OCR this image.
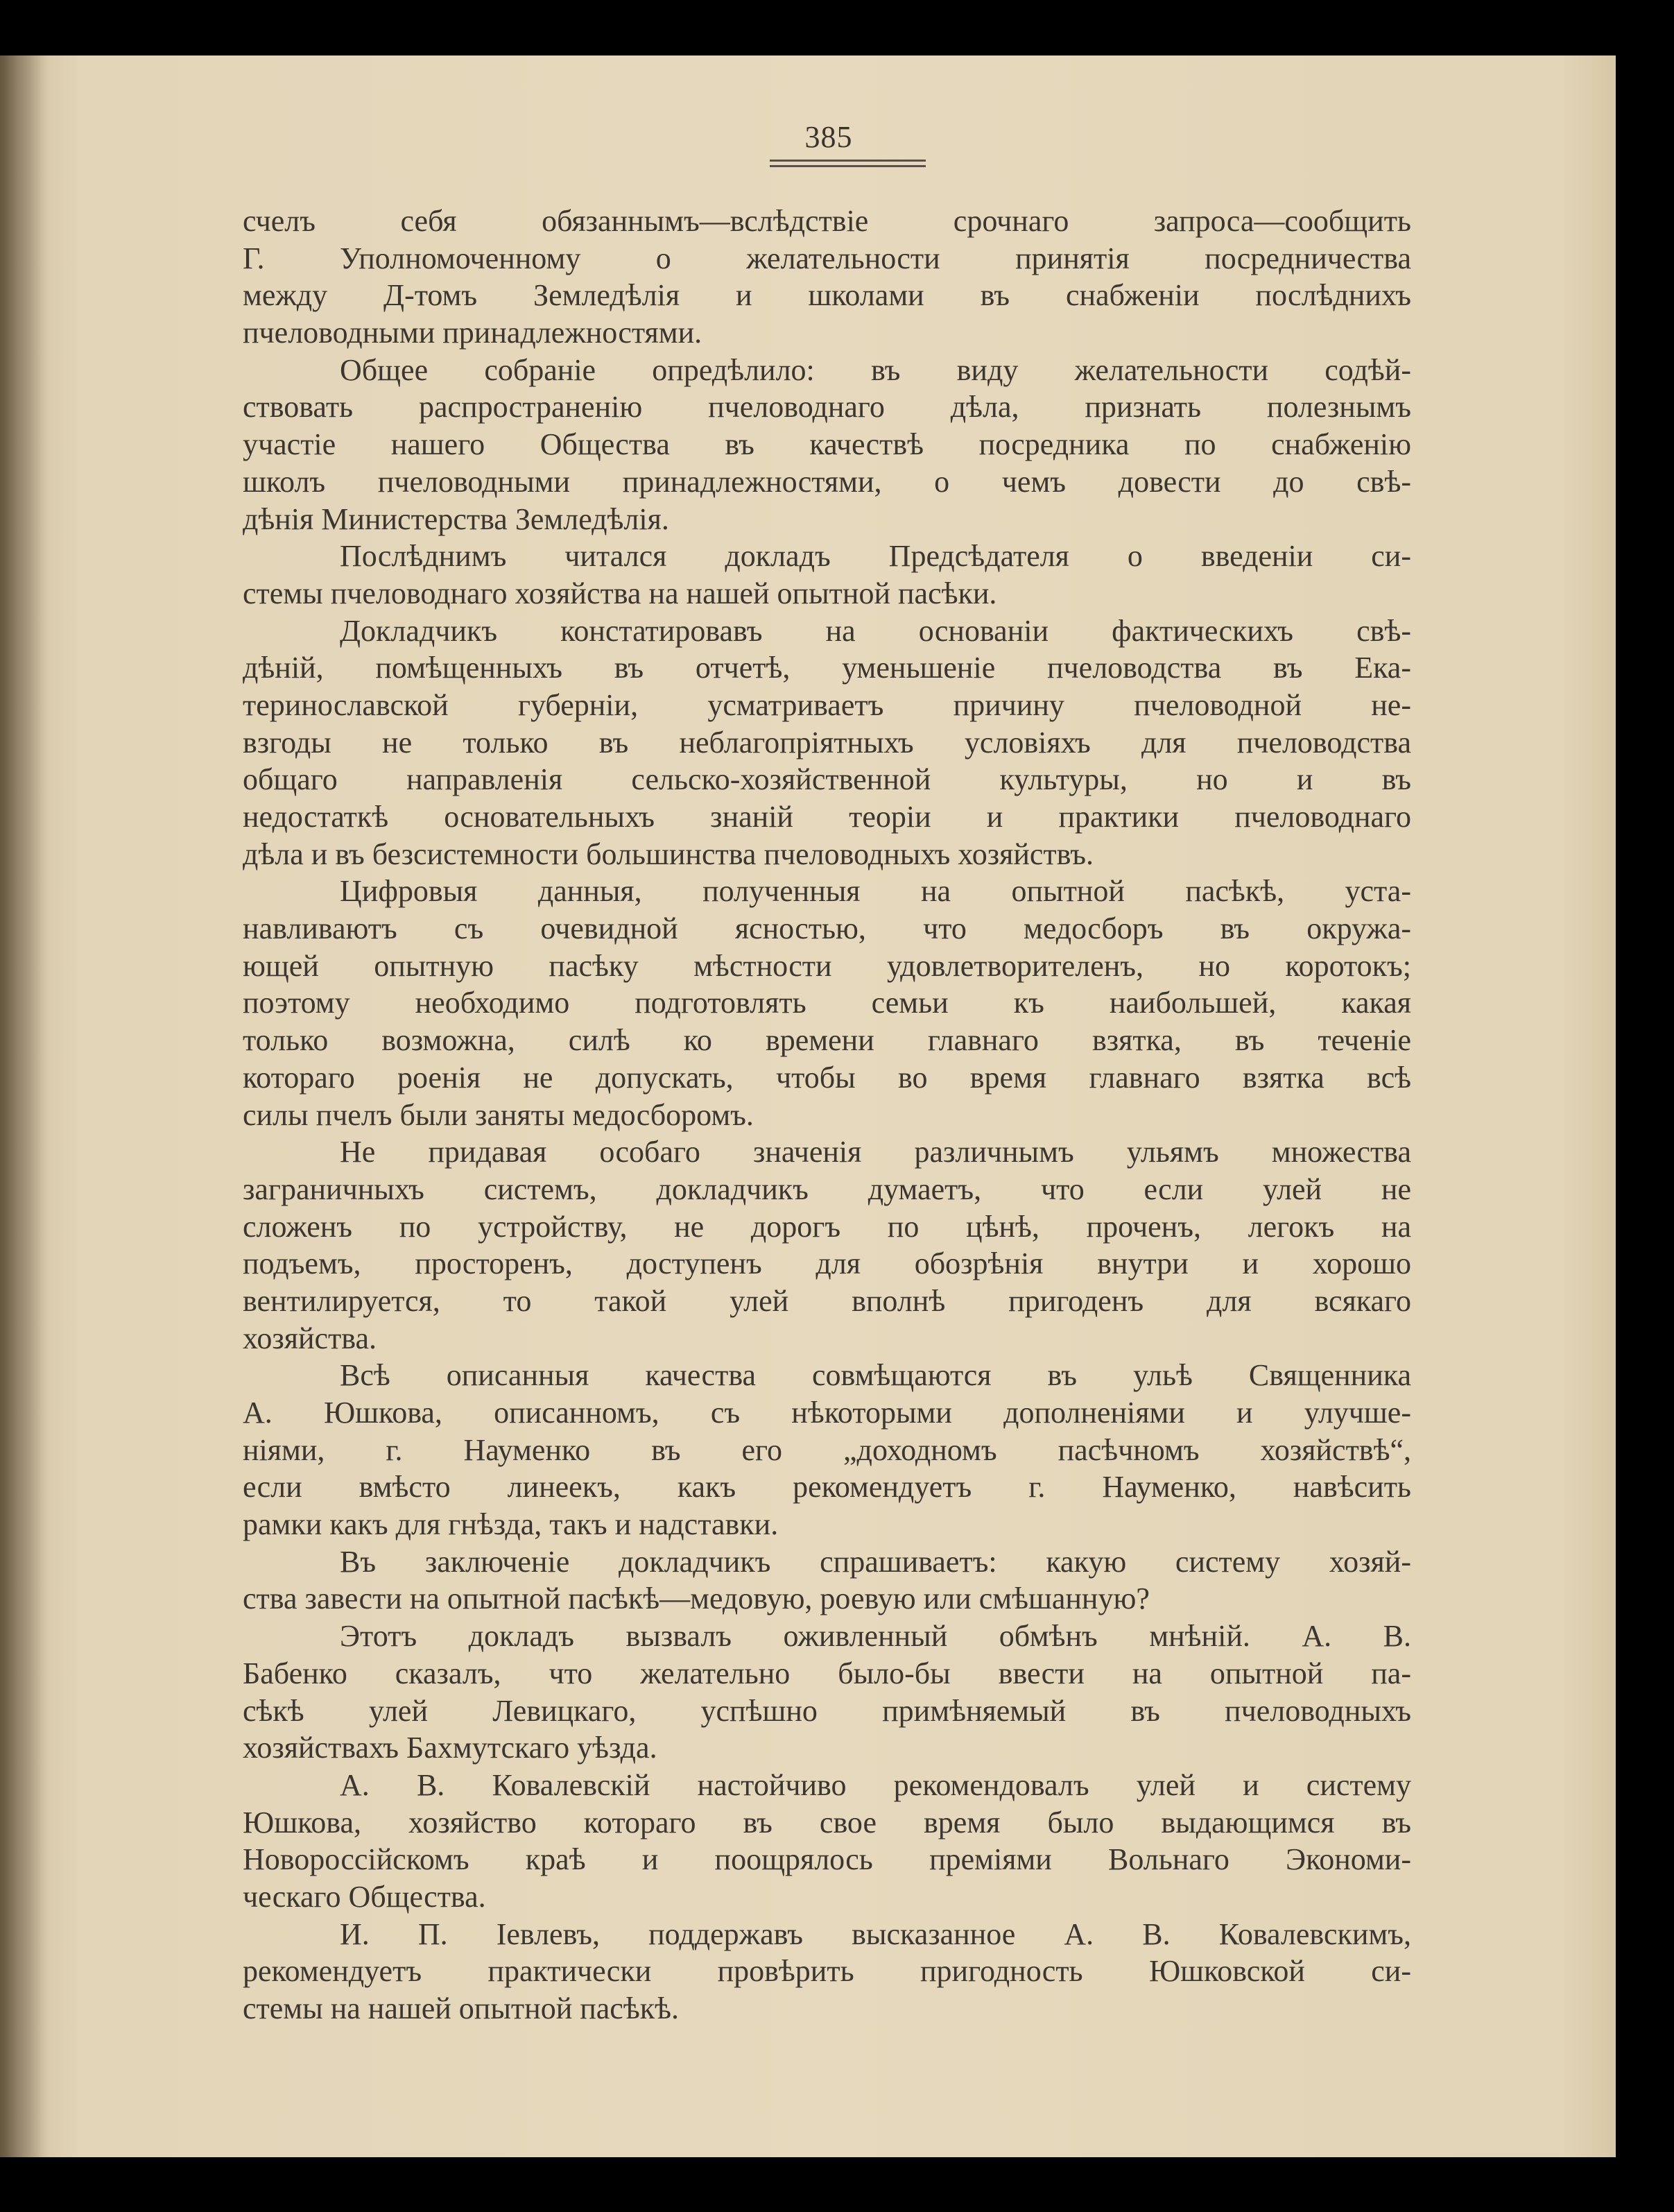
385
счелъ себя обязаннымъ—вслѣдствіе срочнаго запроса—сообщить
Г. Уполномоченному о желательности принятія посредничества
между Д-томъ Земледѣлія и школами въ снабженіи послѣднихъ
пчеловодными принадлежностями.
Общее собраніе опредѣлило: въ виду желательности содѣй-
ствовать распространенію пчеловоднаго дѣла, признать полезнымъ
участіе нашего Общества въ качествѣ посредника по снабженію
школъ пчеловодными принадлежностями, о чемъ довести до свѣ-
дѣнія Министерства Земледѣлія.
Послѣднимъ читался докладъ Предсѣдателя о введеніи си-
стемы пчеловоднаго хозяйства на нашей опытной пасѣки.
Докладчикъ констатировавъ на основаніи фактическихъ свѣ-
дѣній, помѣщенныхъ въ отчетѣ, уменьшеніе пчеловодства въ Ека-
теринославской губерніи, усматриваетъ причину пчеловодной не-
взгоды не только въ неблагопріятныхъ условіяхъ для пчеловодства
общаго направленія сельско-хозяйственной культуры, но и въ
недостаткѣ основательныхъ знаній теоріи и практики пчеловоднаго
дѣла и въ безсистемности большинства пчеловодныхъ хозяйствъ.
Цифровыя данныя, полученныя на опытной пасѣкѣ, уста-
навливаютъ съ очевидной ясностью, что медосборъ въ окружа-
ющей опытную пасѣку мѣстности удовлетворителенъ, но коротокъ;
поэтому необходимо подготовлять семьи къ наибольшей, какая
только возможна, силѣ ко времени главнаго взятка, въ теченіе
котораго роенія не допускать, чтобы во время главнаго взятка всѣ
силы пчелъ были заняты медосборомъ.
Не придавая особаго значенія различнымъ ульямъ множества
заграничныхъ системъ, докладчикъ думаетъ, что если улей не
сложенъ по устройству, не дорогъ по цѣнѣ, проченъ, легокъ на
подъемъ, просторенъ, доступенъ для обозрѣнія внутри и хорошо
вентилируется, то такой улей вполнѣ пригоденъ для всякаго
хозяйства.
Всѣ описанныя качества совмѣщаются въ ульѣ Священника
А. Юшкова, описанномъ, съ нѣкоторыми дополненіями и улучше-
ніями, г. Науменко въ его „доходномъ пасѣчномъ хозяйствѣ“,
если вмѣсто линеекъ, какъ рекомендуетъ г. Науменко, навѣсить
рамки какъ для гнѣзда, такъ и надставки.
Въ заключеніе докладчикъ спрашиваетъ: какую систему хозяй-
ства завести на опытной пасѣкѣ—медовую, роевую или смѣшанную?
Этотъ докладъ вызвалъ оживленный обмѣнъ мнѣній. А. В.
Бабенко сказалъ, что желательно было-бы ввести на опытной па-
сѣкѣ улей Левицкаго, успѣшно примѣняемый въ пчеловодныхъ
хозяйствахъ Бахмутскаго уѣзда.
А. В. Ковалевскій настойчиво рекомендовалъ улей и систему
Юшкова, хозяйство котораго въ свое время было выдающимся въ
Новороссійскомъ краѣ и поощрялось преміями Вольнаго Экономи-
ческаго Общества.
И. П. Іевлевъ, поддержавъ высказанное А. В. Ковалевскимъ,
рекомендуетъ практически провѣрить пригодность Юшковской си-
стемы на нашей опытной пасѣкѣ.
